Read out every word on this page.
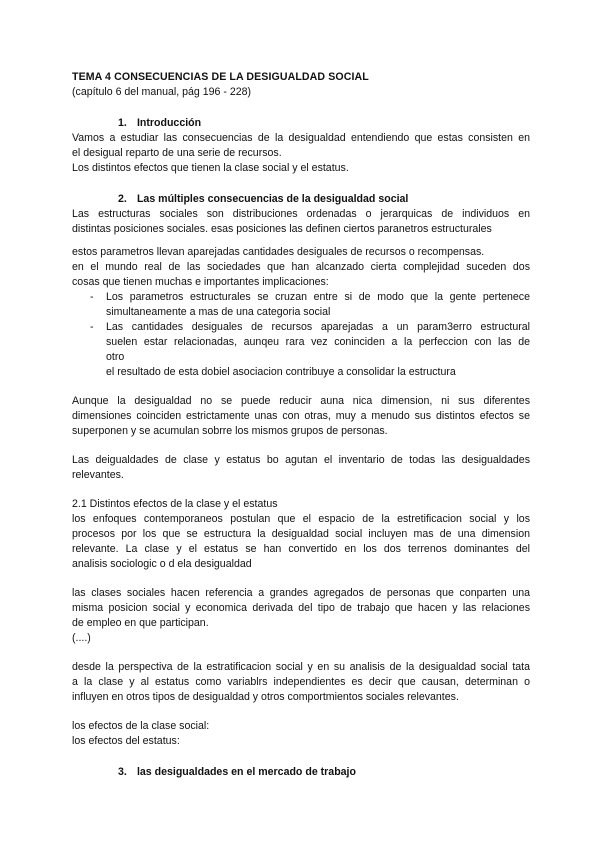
TEMA 4 CONSECUENCIAS DE LA DESIGUALDAD SOCIAL
(capítulo 6 del manual, pág 196 - 228)
1. Introducción

Vamos a estudiar las consecuencias de la desigualdad entendiendo que estas consisten en

el desigual reparto de una serie de recursos.

Los distintos efectos que tienen la clase social y el estatus.

2. Las múltiples consecuencias de la desigualdad social

Las estructuras sociales son distribuciones ordenadas o jerarquicas de individuos en

distintas posiciones sociales. esas posiciones las definen ciertos paranetros estructurales

estos parametros llevan aparejadas cantidades desiguales de recursos o recompensas.

en el mundo real de las sociedades que han alcanzado cierta complejidad suceden dos

cosas que tienen muchas e importantes implicaciones:

- Los parametros estructurales se cruzan entre si de modo que la gente pertenece
simultaneamente a mas de una categoria social
- Las cantidades desiguales de recursos aparejadas a un param3erro estructural
suelen estar relacionadas, aunqeu rara vez coninciden a la perfeccion con las de
otro

el resultado de esta dobiel asociacion contribuye a consolidar la estructura

Aunque la desigualdad no se puede reducir auna nica dimension, ni sus diferentes

dimensiones coinciden estrictamente unas con otras, muy a menudo sus distintos efectos se

superponen y se acumulan sobrre los mismos grupos de personas.

Las deigualdades de clase y estatus bo agutan el inventario de todas las desigualdades

relevantes.

2.1 Distintos efectos de la clase y el estatus

los enfoques contemporaneos postulan que el espacio de la estretificacion social y los

procesos por los que se estructura la desigualdad social incluyen mas de una dimension

relevante. La clase y el estatus se han convertido en los dos terrenos dominantes del

analisis sociologic o d ela desigualdad

las clases sociales hacen referencia a grandes agregados de personas que conparten una

misma posicion social y economica derivada del tipo de trabajo que hacen y las relaciones

de empleo en que participan.

(....)

desde la perspectiva de la estratificacion social y en su analisis de la desigualdad social tata

a la clase y al estatus como variablrs independientes es decir que causan, determinan o

influyen en otros tipos de desigualdad y otros comportmientos sociales relevantes.

los efectos de la clase social:

los efectos del estatus:

3. las desigualdades en el mercado de trabajo
